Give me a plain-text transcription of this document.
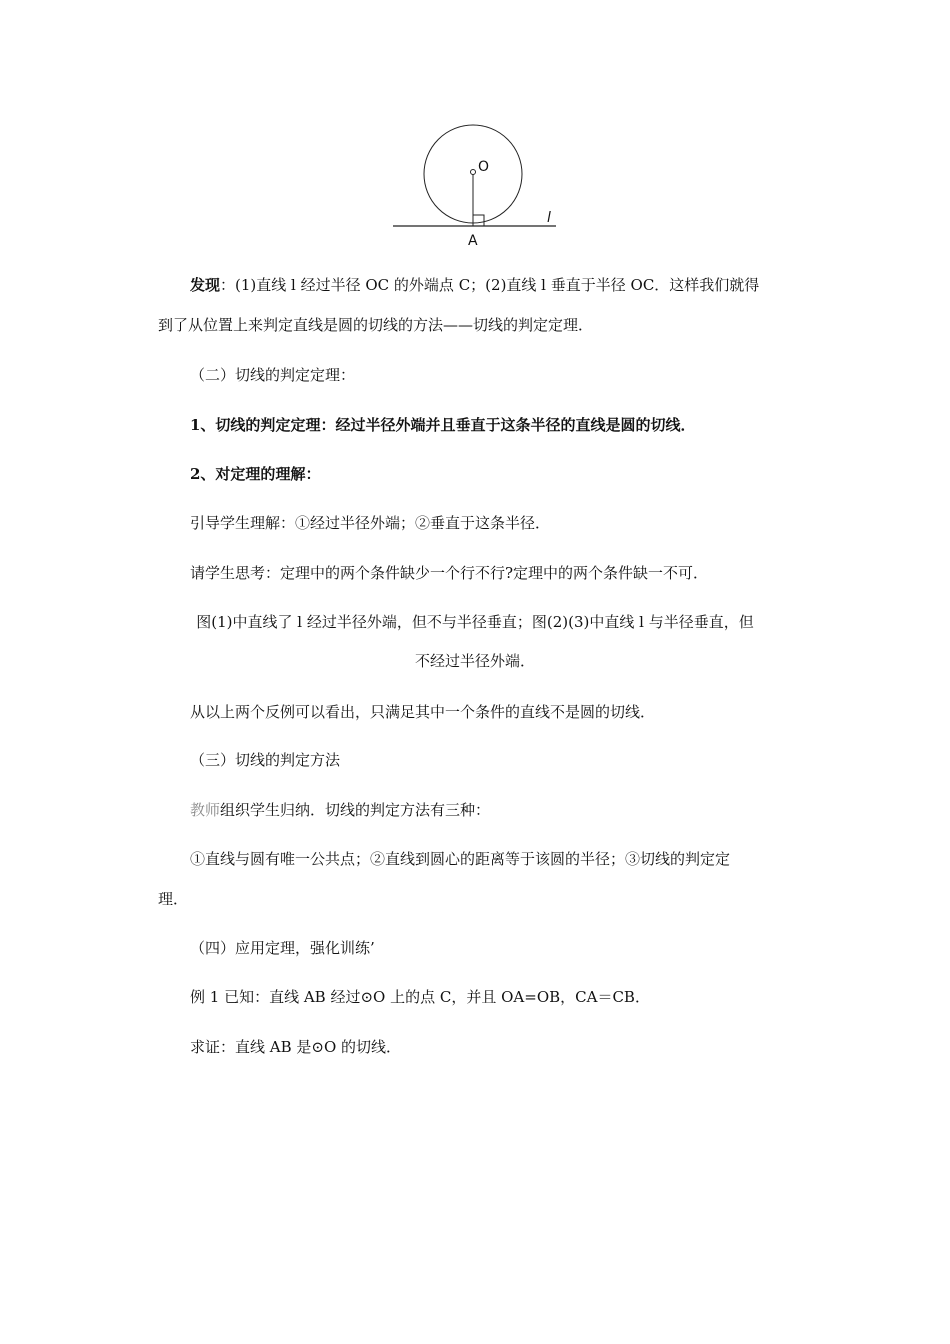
O
A
l
发现：(1)直线 l 经过半径 OC 的外端点 C；(2)直线 l 垂直于半径 OC．这样我们就得
到了从位置上来判定直线是圆的切线的方法——切线的判定定理．
（二）切线的判定定理：
1、切线的判定定理：经过半径外端并且垂直于这条半径的直线是圆的切线．
2、对定理的理解：
引导学生理解：①经过半径外端；②垂直于这条半径．
请学生思考：定理中的两个条件缺少一个行不行?定理中的两个条件缺一不可．
图(1)中直线了 l 经过半径外端，但不与半径垂直；图(2)(3)中直线 l 与半径垂直，但
不经过半径外端．
从以上两个反例可以看出，只满足其中一个条件的直线不是圆的切线．
（三）切线的判定方法
教师组织学生归纳．切线的判定方法有三种：
①直线与圆有唯一公共点；②直线到圆心的距离等于该圆的半径；③切线的判定定
理．
（四）应用定理，强化训练’
例 1 已知：直线 AB 经过⊙O 上的点 C，并且 OA=OB，CA＝CB．
求证：直线 AB 是⊙O 的切线．
